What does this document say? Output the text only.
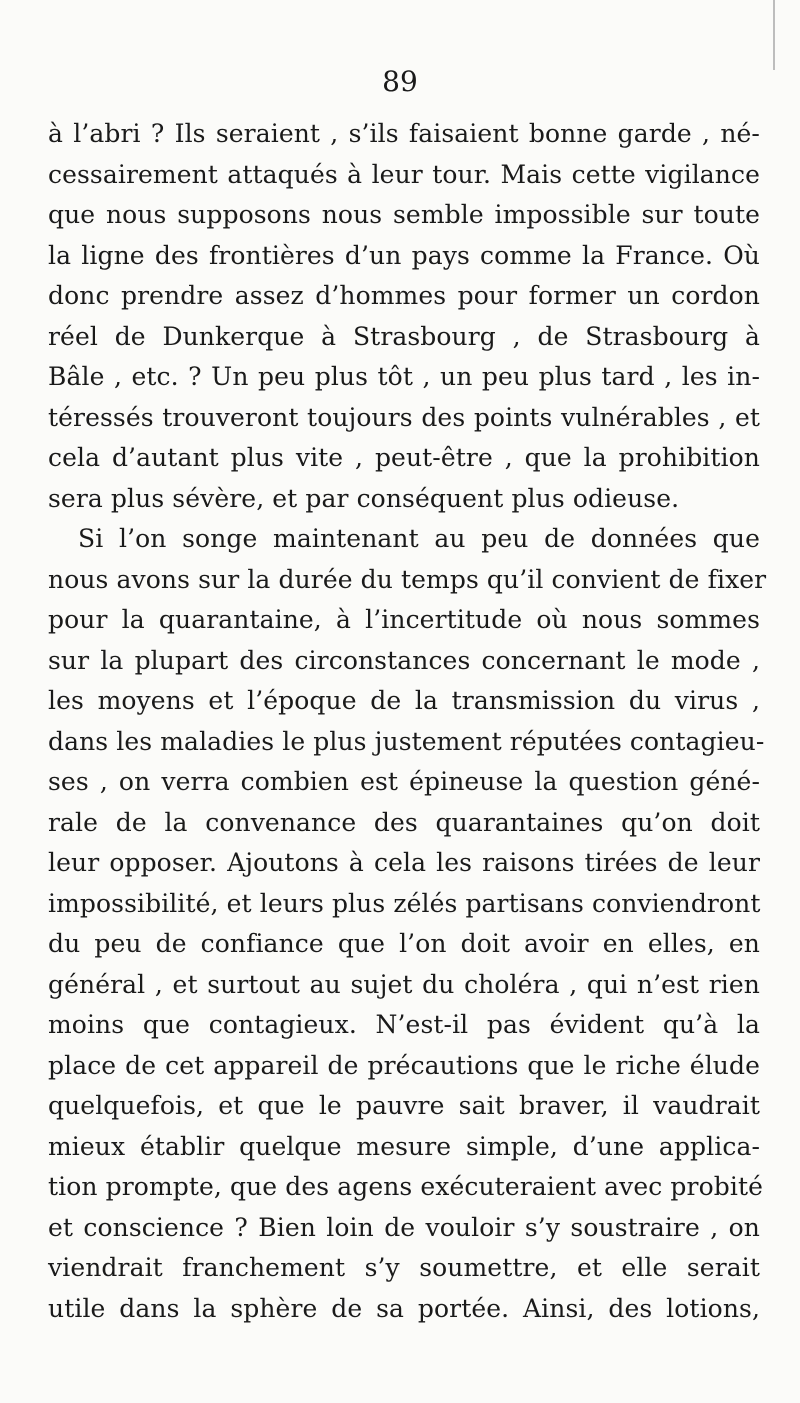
89
à l’abri ? Ils seraient , s’ils faisaient bonne garde , né-
cessairement attaqués à leur tour. Mais cette vigilance
que nous supposons nous semble impossible sur toute
la ligne des frontières d’un pays comme la France. Où
donc prendre assez d’hommes pour former un cordon
réel de Dunkerque à Strasbourg , de Strasbourg à
Bâle , etc. ? Un peu plus tôt , un peu plus tard , les in-
téressés trouveront toujours des points vulnérables , et
cela d’autant plus vite , peut-être , que la prohibition
sera plus sévère, et par conséquent plus odieuse.
Si l’on songe maintenant au peu de données que
nous avons sur la durée du temps qu’il convient de fixer
pour la quarantaine, à l’incertitude où nous sommes
sur la plupart des circonstances concernant le mode ,
les moyens et l’époque de la transmission du virus ,
dans les maladies le plus justement réputées contagieu-
ses , on verra combien est épineuse la question géné-
rale de la convenance des quarantaines qu’on doit
leur opposer. Ajoutons à cela les raisons tirées de leur
impossibilité, et leurs plus zélés partisans conviendront
du peu de confiance que l’on doit avoir en elles, en
général , et surtout au sujet du choléra , qui n’est rien
moins que contagieux. N’est-il pas évident qu’à la
place de cet appareil de précautions que le riche élude
quelquefois, et que le pauvre sait braver, il vaudrait
mieux établir quelque mesure simple, d’une applica-
tion prompte, que des agens exécuteraient avec probité
et conscience ? Bien loin de vouloir s’y soustraire , on
viendrait franchement s’y soumettre, et elle serait
utile dans la sphère de sa portée. Ainsi, des lotions,
